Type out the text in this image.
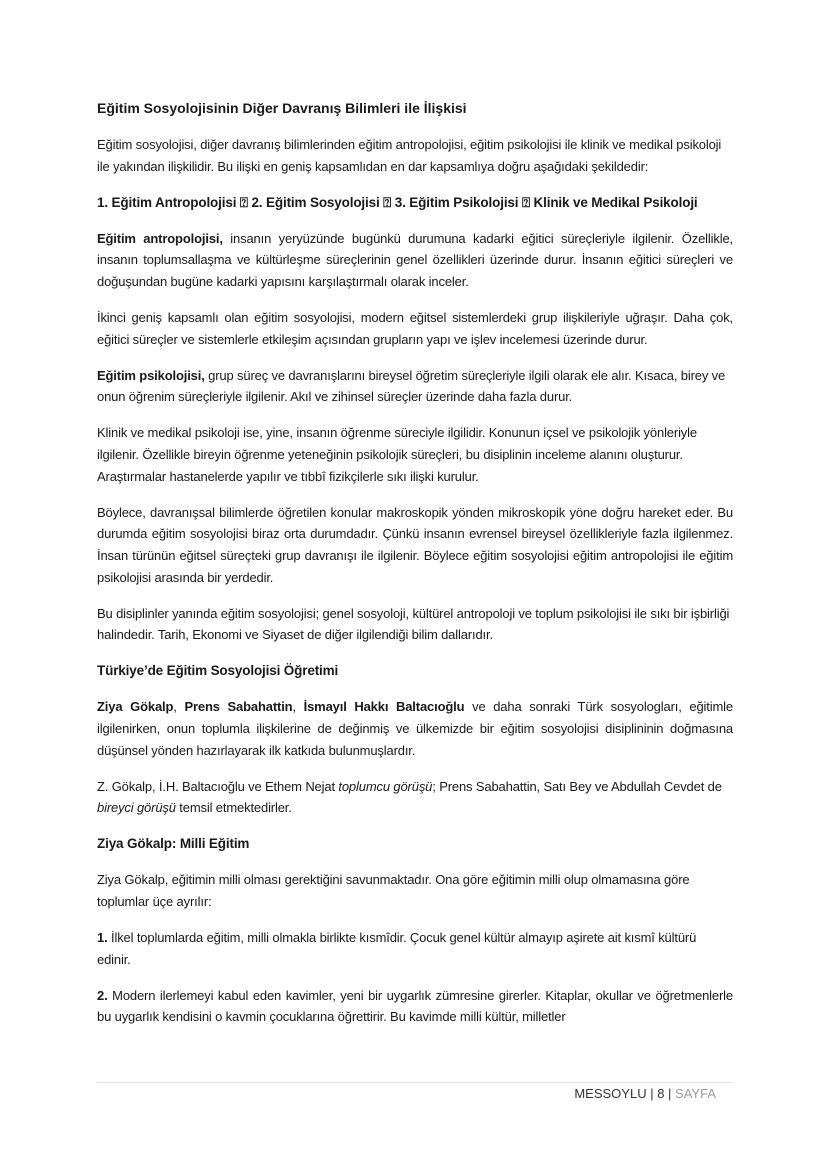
Eğitim Sosyolojisinin Diğer Davranış Bilimleri ile İlişkisi

Eğitim sosyolojisi, diğer davranış bilimlerinden eğitim antropolojisi, eğitim psikolojisi ile klinik ve medikal psikoloji ile yakından ilişkilidir. Bu ilişki en geniş kapsamlıdan en dar kapsamlıya doğru aşağıdaki şekildedir:

1. Eğitim Antropolojisi ⍰ 2. Eğitim Sosyolojisi ⍰ 3. Eğitim Psikolojisi ⍰ Klinik ve Medikal Psikoloji

Eğitim antropolojisi, insanın yeryüzünde bugünkü durumuna kadarki eğitici süreçleriyle ilgilenir. Özellikle, insanın toplumsallaşma ve kültürleşme süreçlerinin genel özellikleri üzerinde durur. İnsanın eğitici süreçleri ve doğuşundan bugüne kadarki yapısını karşılaştırmalı olarak inceler.

İkinci geniş kapsamlı olan eğitim sosyolojisi, modern eğitsel sistemlerdeki grup ilişkileriyle uğraşır. Daha çok, eğitici süreçler ve sistemlerle etkileşim açısından grupların yapı ve işlev incelemesi üzerinde durur.

Eğitim psikolojisi, grup süreç ve davranışlarını bireysel öğretim süreçleriyle ilgili olarak ele alır. Kısaca, birey ve onun öğrenim süreçleriyle ilgilenir. Akıl ve zihinsel süreçler üzerinde daha fazla durur.

Klinik ve medikal psikoloji ise, yine, insanın öğrenme süreciyle ilgilidir. Konunun içsel ve psikolojik yönleriyle ilgilenir. Özellikle bireyin öğrenme yeteneğinin psikolojik süreçleri, bu disiplinin inceleme alanını oluşturur. Araştırmalar hastanelerde yapılır ve tıbbî fizikçilerle sıkı ilişki kurulur.

Böylece, davranışsal bilimlerde öğretilen konular makroskopik yönden mikroskopik yöne doğru hareket eder. Bu durumda eğitim sosyolojisi biraz orta durumdadır. Çünkü insanın evrensel bireysel özellikleriyle fazla ilgilenmez. İnsan türünün eğitsel süreçteki grup davranışı ile ilgilenir. Böylece eğitim sosyolojisi eğitim antropolojisi ile eğitim psikolojisi arasında bir yerdedir.

Bu disiplinler yanında eğitim sosyolojisi; genel sosyoloji, kültürel antropoloji ve toplum psikolojisi ile sıkı bir işbirliği halindedir. Tarih, Ekonomi ve Siyaset de diğer ilgilendiği bilim dallarıdır.

Türkiye’de Eğitim Sosyolojisi Öğretimi

Ziya Gökalp, Prens Sabahattin, İsmayıl Hakkı Baltacıoğlu ve daha sonraki Türk sosyologları, eğitimle ilgilenirken, onun toplumla ilişkilerine de değinmiş ve ülkemizde bir eğitim sosyolojisi disiplininin doğmasına düşünsel yönden hazırlayarak ilk katkıda bulunmuşlardır.

Z. Gökalp, İ.H. Baltacıoğlu ve Ethem Nejat toplumcu görüşü; Prens Sabahattin, Satı Bey ve Abdullah Cevdet de bireyci görüşü temsil etmektedirler.

Ziya Gökalp: Milli Eğitim

Ziya Gökalp, eğitimin milli olması gerektiğini savunmaktadır. Ona göre eğitimin milli olup olmamasına göre toplumlar üçe ayrılır:

1. İlkel toplumlarda eğitim, milli olmakla birlikte kısmîdir. Çocuk genel kültür almayıp aşirete ait kısmî kültürü edinir.

2. Modern ilerlemeyi kabul eden kavimler, yeni bir uygarlık zümresine girerler. Kitaplar, okullar ve öğretmenlerle bu uygarlık kendisini o kavmin çocuklarına öğrettirir. Bu kavimde milli kültür, milletler

MESSOYLU | 8 | SAYFA
